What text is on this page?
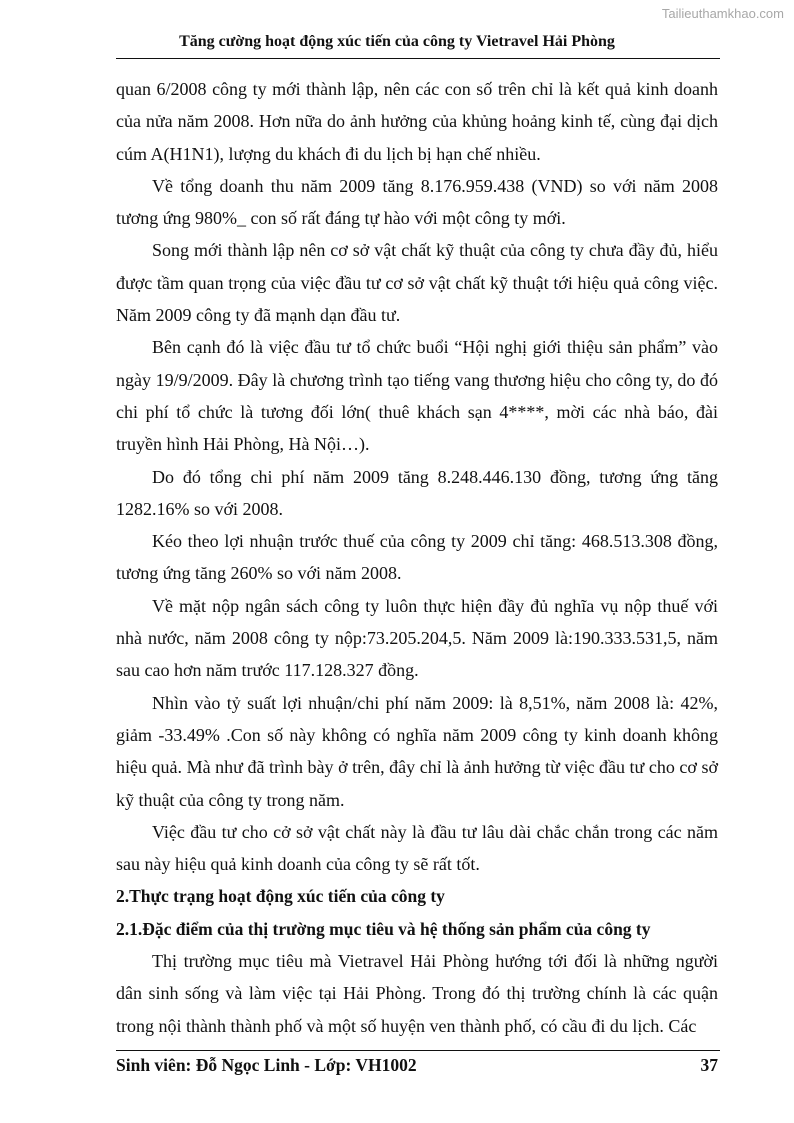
Tailieuthamkhao.com
Tăng cường hoạt động xúc tiến của công ty Vietravel Hải Phòng

quan 6/2008 công ty mới thành lập, nên các con số trên chỉ là kết quả kinh doanh của nửa năm 2008. Hơn nữa do ảnh hưởng của khủng hoảng kinh tế, cùng đại dịch cúm A(H1N1), lượng du khách đi du lịch bị hạn chế nhiều.

Về tổng doanh thu năm 2009 tăng 8.176.959.438 (VND) so với năm 2008 tương ứng 980%_ con số rất đáng tự hào với một công ty mới.

Song mới thành lập nên cơ sở vật chất kỹ thuật của công ty chưa đầy đủ, hiểu được tầm quan trọng của việc đầu tư cơ sở vật chất kỹ thuật tới hiệu quả công việc. Năm 2009 công ty đã mạnh dạn đầu tư.

Bên cạnh đó là việc đầu tư tổ chức buổi “Hội nghị giới thiệu sản phẩm” vào ngày 19/9/2009. Đây là chương trình tạo tiếng vang thương hiệu cho công ty, do đó chi phí tổ chức là tương đối lớn( thuê khách sạn 4****, mời các nhà báo, đài truyền hình Hải Phòng, Hà Nội…).

Do đó tổng chi phí năm 2009 tăng 8.248.446.130 đồng, tương ứng tăng 1282.16% so với 2008.

Kéo theo lợi nhuận trước thuế của công ty 2009 chỉ tăng: 468.513.308 đồng, tương ứng tăng 260% so với năm 2008.

Về mặt nộp ngân sách công ty luôn thực hiện đầy đủ nghĩa vụ nộp thuế với nhà nước, năm 2008 công ty nộp:73.205.204,5. Năm 2009 là:190.333.531,5, năm sau cao hơn năm trước 117.128.327 đồng.

Nhìn vào tỷ suất lợi nhuận/chi phí năm 2009: là 8,51%, năm 2008 là: 42%, giảm -33.49% .Con số này không có nghĩa năm 2009 công ty kinh doanh không hiệu quả. Mà như đã trình bày ở trên, đây chỉ là ảnh hưởng từ việc đầu tư cho cơ sở kỹ thuật của công ty trong năm.

Việc đầu tư cho cở sở vật chất này là đầu tư lâu dài chắc chắn trong các năm sau này hiệu quả kinh doanh của công ty sẽ rất tốt.

2.Thực trạng hoạt động xúc tiến của công ty

2.1.Đặc điểm của thị trường mục tiêu và hệ thống sản phẩm của công ty

Thị trường mục tiêu mà Vietravel Hải Phòng hướng tới đối là những người dân sinh sống và làm việc tại Hải Phòng. Trong đó thị trường chính là các quận trong nội thành thành phố và một số huyện ven thành phố, có cầu đi du lịch. Các

Sinh viên: Đỗ Ngọc Linh - Lớp: VH1002	37
